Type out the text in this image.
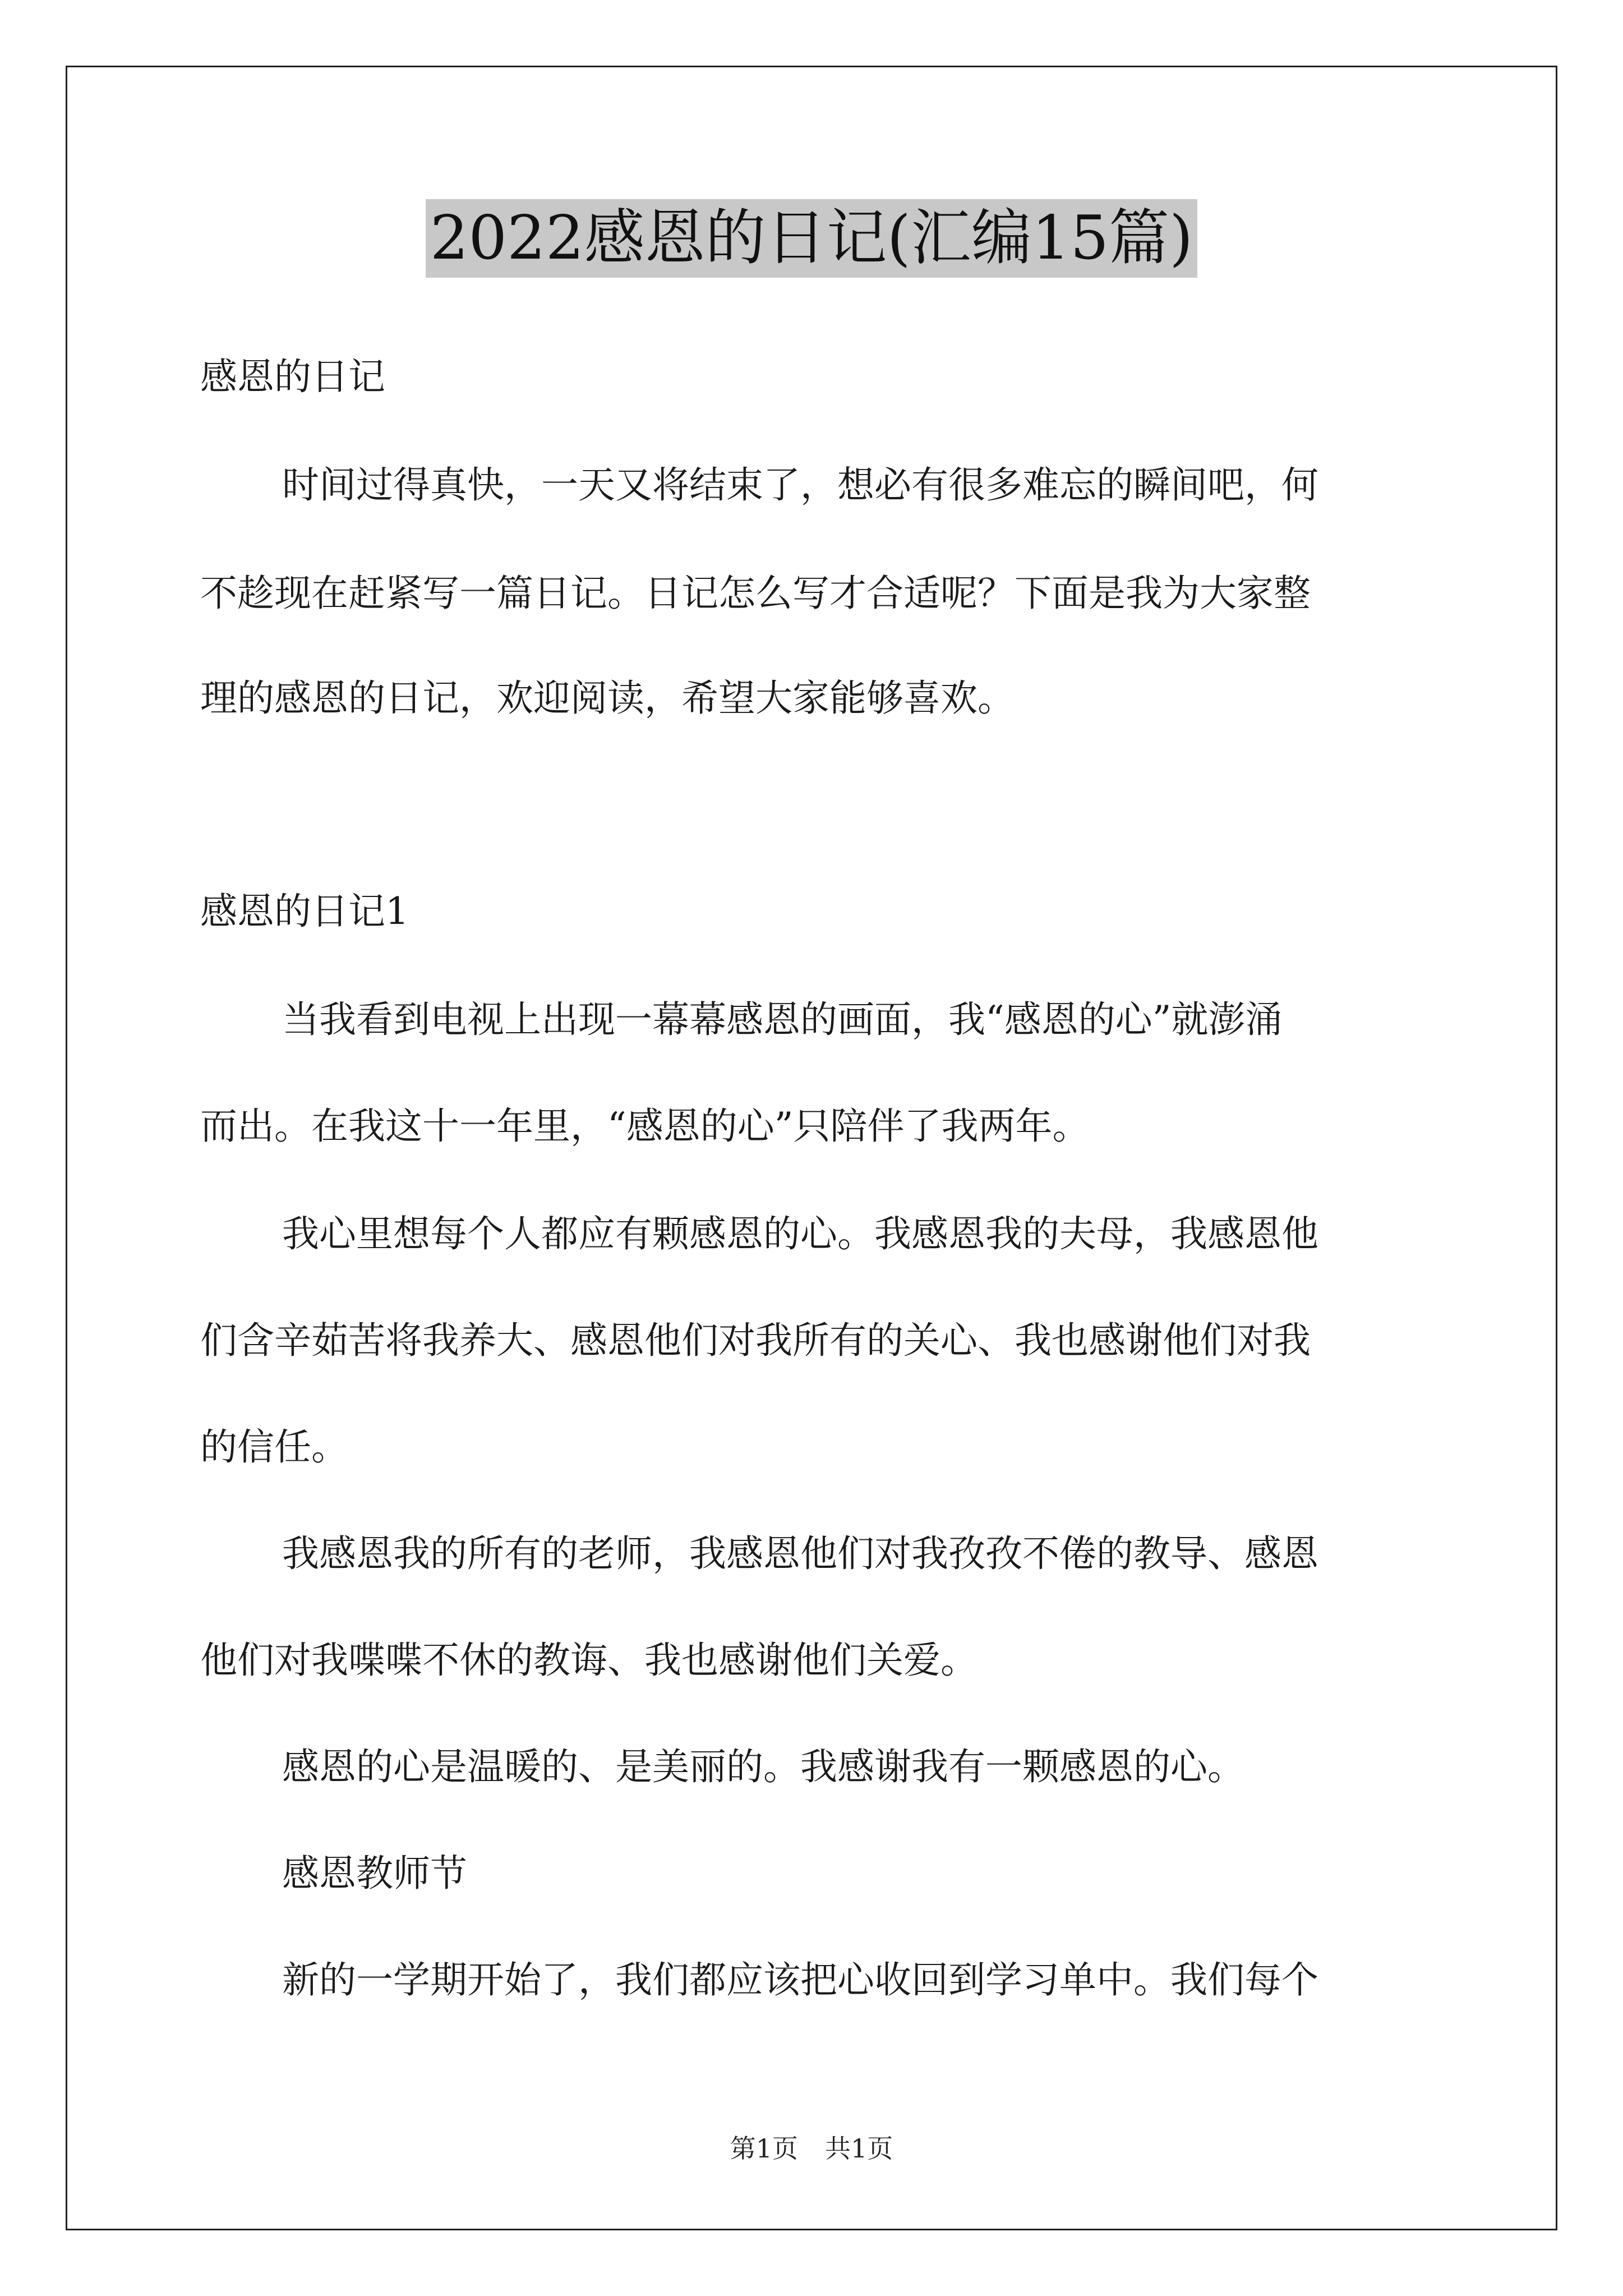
2022感恩的日记(汇编15篇)
感恩的日记
时间过得真快，一天又将结束了，想必有很多难忘的瞬间吧，何
不趁现在赶紧写一篇日记。日记怎么写才合适呢？下面是我为大家整
理的感恩的日记，欢迎阅读，希望大家能够喜欢。
感恩的日记1
当我看到电视上出现一幕幕感恩的画面，我“感恩的心”就澎涌
而出。在我这十一年里，“感恩的心”只陪伴了我两年。
我心里想每个人都应有颗感恩的心。我感恩我的夫母，我感恩他
们含辛茹苦将我养大、感恩他们对我所有的关心、我也感谢他们对我
的信任。
我感恩我的所有的老师，我感恩他们对我孜孜不倦的教导、感恩
他们对我喋喋不休的教诲、我也感谢他们关爱。
感恩的心是温暖的、是美丽的。我感谢我有一颗感恩的心。
感恩教师节
新的一学期开始了，我们都应该把心收回到学习单中。我们每个
第1页 共1页
